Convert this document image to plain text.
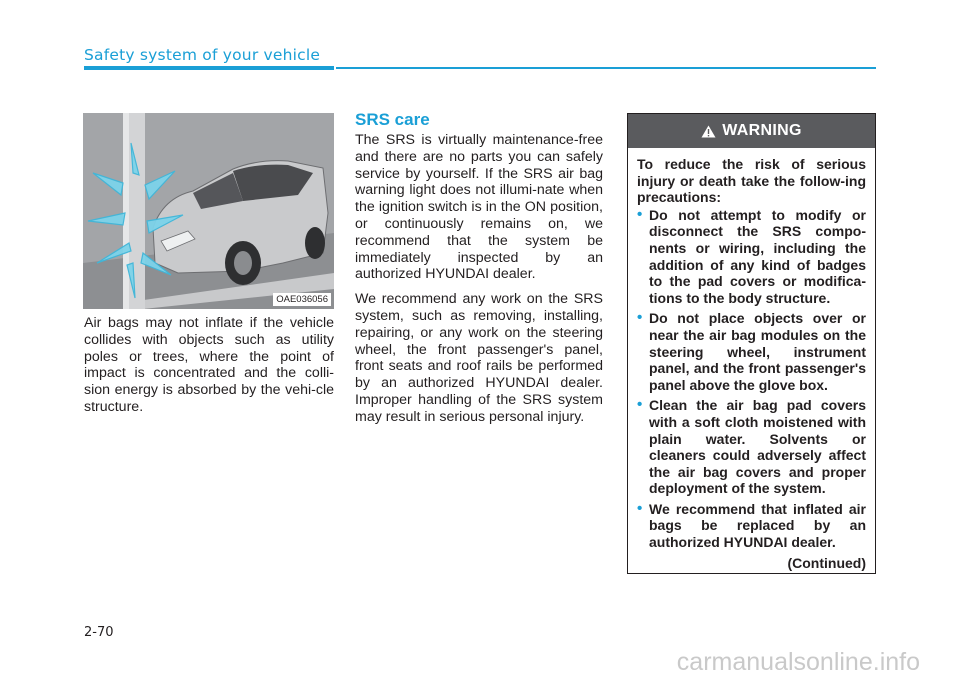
Safety system of your vehicle
OAE036056

Air bags may not inflate if the vehicle collides with objects such as utility poles or trees, where the point of impact is concentrated and the colli-sion energy is absorbed by the vehi-cle structure.

SRS care

The SRS is virtually maintenance-free and there are no parts you can safely service by yourself. If the SRS air bag warning light does not illumi-nate when the ignition switch is in the ON position, or continuously remains on, we recommend that the system be immediately inspected by an authorized HYUNDAI dealer.

We recommend any work on the SRS system, such as removing, installing, repairing, or any work on the steering wheel, the front passenger's panel, front seats and roof rails be performed by an authorized HYUNDAI dealer. Improper handling of the SRS system may result in serious personal injury.

WARNING

To reduce the risk of serious injury or death take the follow-ing precautions:

• Do not attempt to modify or disconnect the SRS compo-nents or wiring, including the addition of any kind of badges to the pad covers or modifica-tions to the body structure.
• Do not place objects over or near the air bag modules on the steering wheel, instrument panel, and the front passenger's panel above the glove box.
• Clean the air bag pad covers with a soft cloth moistened with plain water. Solvents or cleaners could adversely affect the air bag covers and proper deployment of the system.
• We recommend that inflated air bags be replaced by an authorized HYUNDAI dealer.
(Continued)
2-70
carmanualsonline.info
